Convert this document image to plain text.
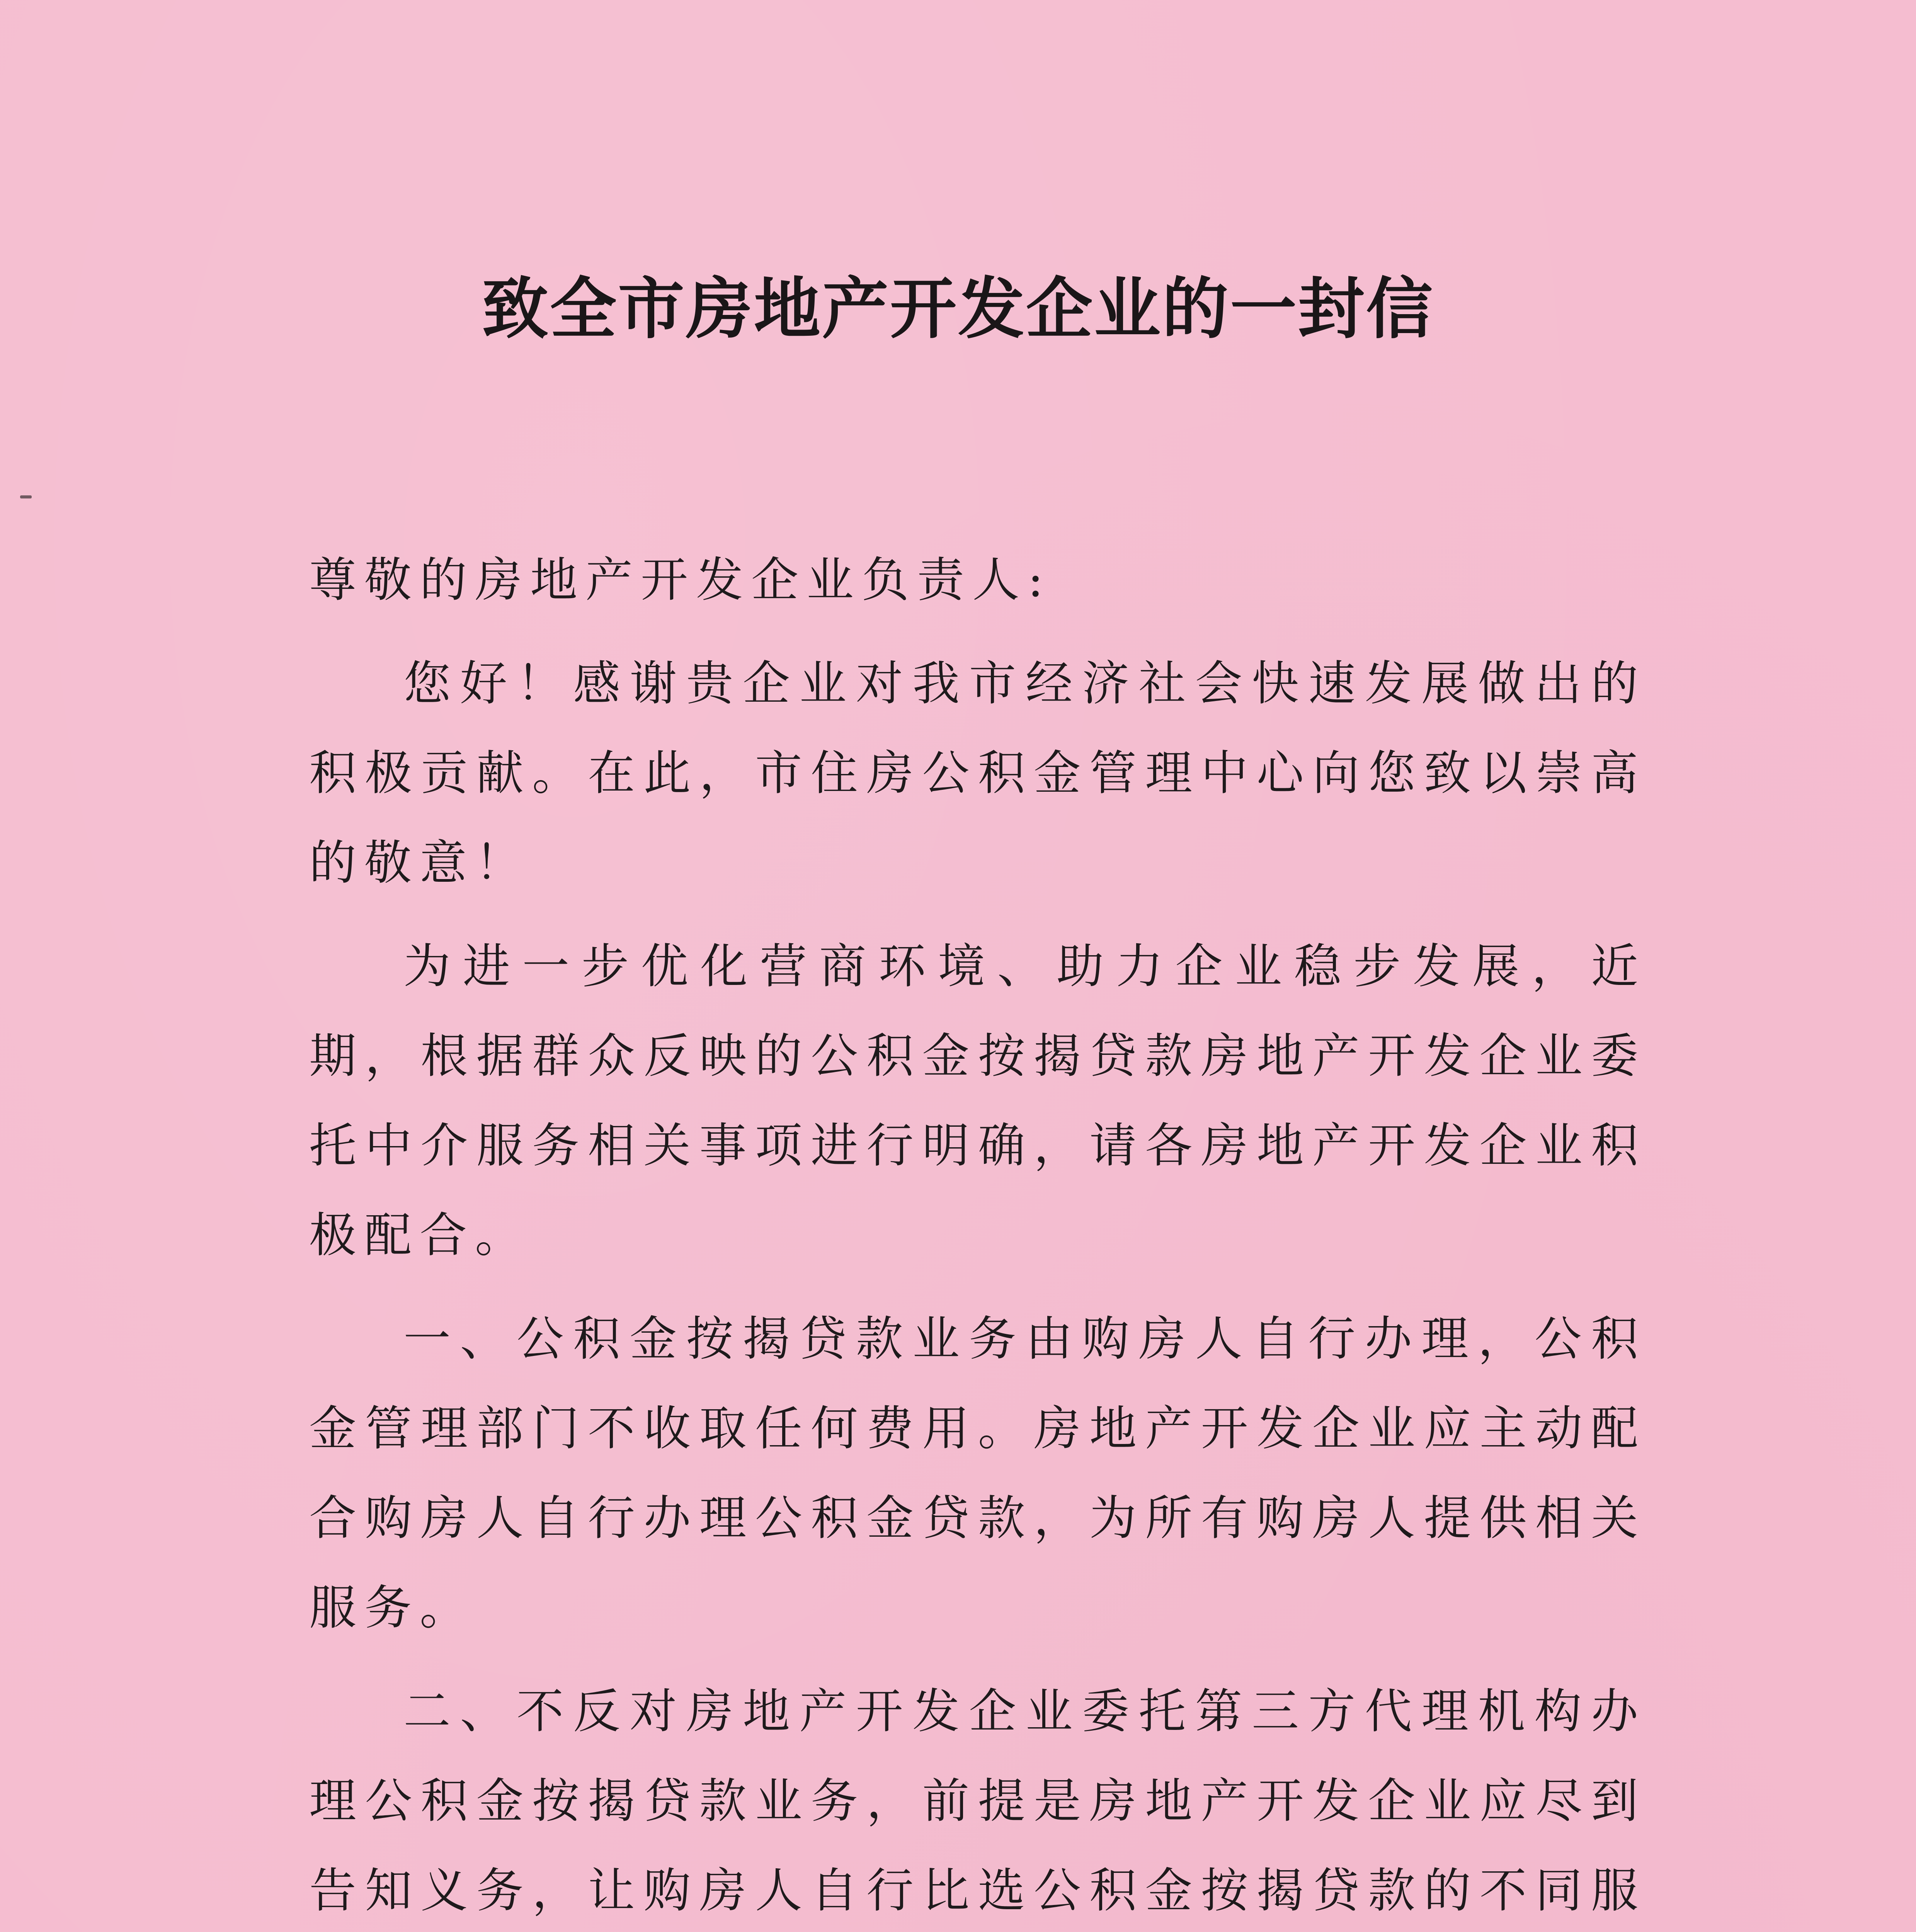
致全市房地产开发企业的一封信

尊敬的房地产开发企业负责人:

您好！感谢贵企业对我市经济社会快速发展做出的积极贡献。在此，市住房公积金管理中心向您致以崇高的敬意！

为进一步优化营商环境、助力企业稳步发展，近期，根据群众反映的公积金按揭贷款房地产开发企业委托中介服务相关事项进行明确，请各房地产开发企业积极配合。

一、公积金按揭贷款业务由购房人自行办理，公积金管理部门不收取任何费用。房地产开发企业应主动配合购房人自行办理公积金贷款，为所有购房人提供相关服务。

二、不反对房地产开发企业委托第三方代理机构办理公积金按揭贷款业务，前提是房地产开发企业应尽到告知义务，让购房人自行比选公积金按揭贷款的不同服
